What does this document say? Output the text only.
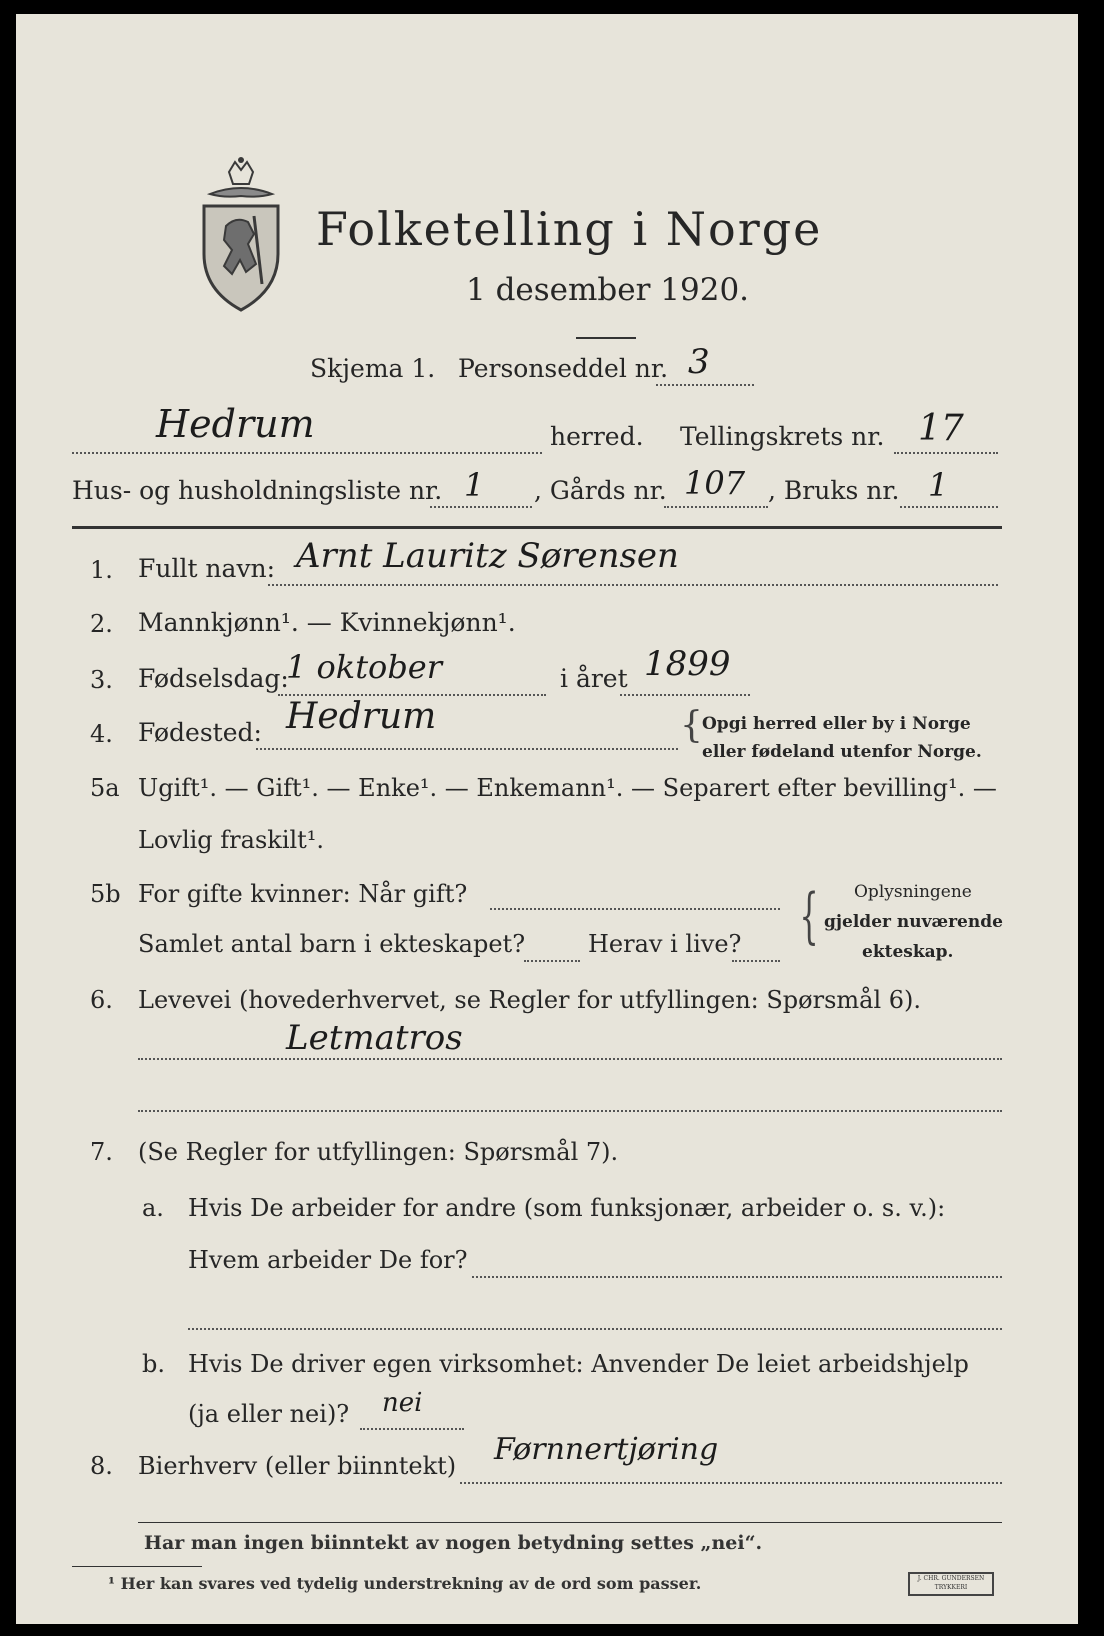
Folketelling i Norge
1 desember 1920.
Skjema 1. Personseddel nr. 3
Hedrum	herred. Tellingskrets nr. 17
Hus- og husholdningsliste nr. 1 , Gårds nr. 107 , Bruks nr. 1
1. Fullt navn: Arnt Lauritz Sørensen
2. Mannkjønn¹. — Kvinnekjønn¹.
3. Fødselsdag:
1 oktober	i året 1899
4. Fødested: Hedrum	{ Opgi herred eller by i Norge
eller fødeland utenfor Norge.
5a Ugift¹. — Gift¹. — Enke¹. — Enkemann¹. — Separert efter bevilling¹. —
Lovlig fraskilt¹.
5b For gifte kvinner: Når gift?
Samlet antal barn i ekteskapet?	Herav i live? { Oplysningene
gjelder nuværende
ekteskap.
6. Levevei (hovederhvervet, se Regler for utfyllingen: Spørsmål 6).
Letmatros
7. (Se Regler for utfyllingen: Spørsmål 7).
a. Hvis De arbeider for andre (som funksjonær, arbeider o. s. v.):
Hvem arbeider De for?
b. Hvis De driver egen virksomhet: Anvender De leiet arbeidshjelp
(ja eller nei)? nei
8. Bierhverv (eller biinntekt) Førnnertjøring
Har man ingen biinntekt av nogen betydning settes „nei“.
¹ Her kan svares ved tydelig understrekning av de ord som passer.	J. CHR. GUNDERSEN TRYKKERI
